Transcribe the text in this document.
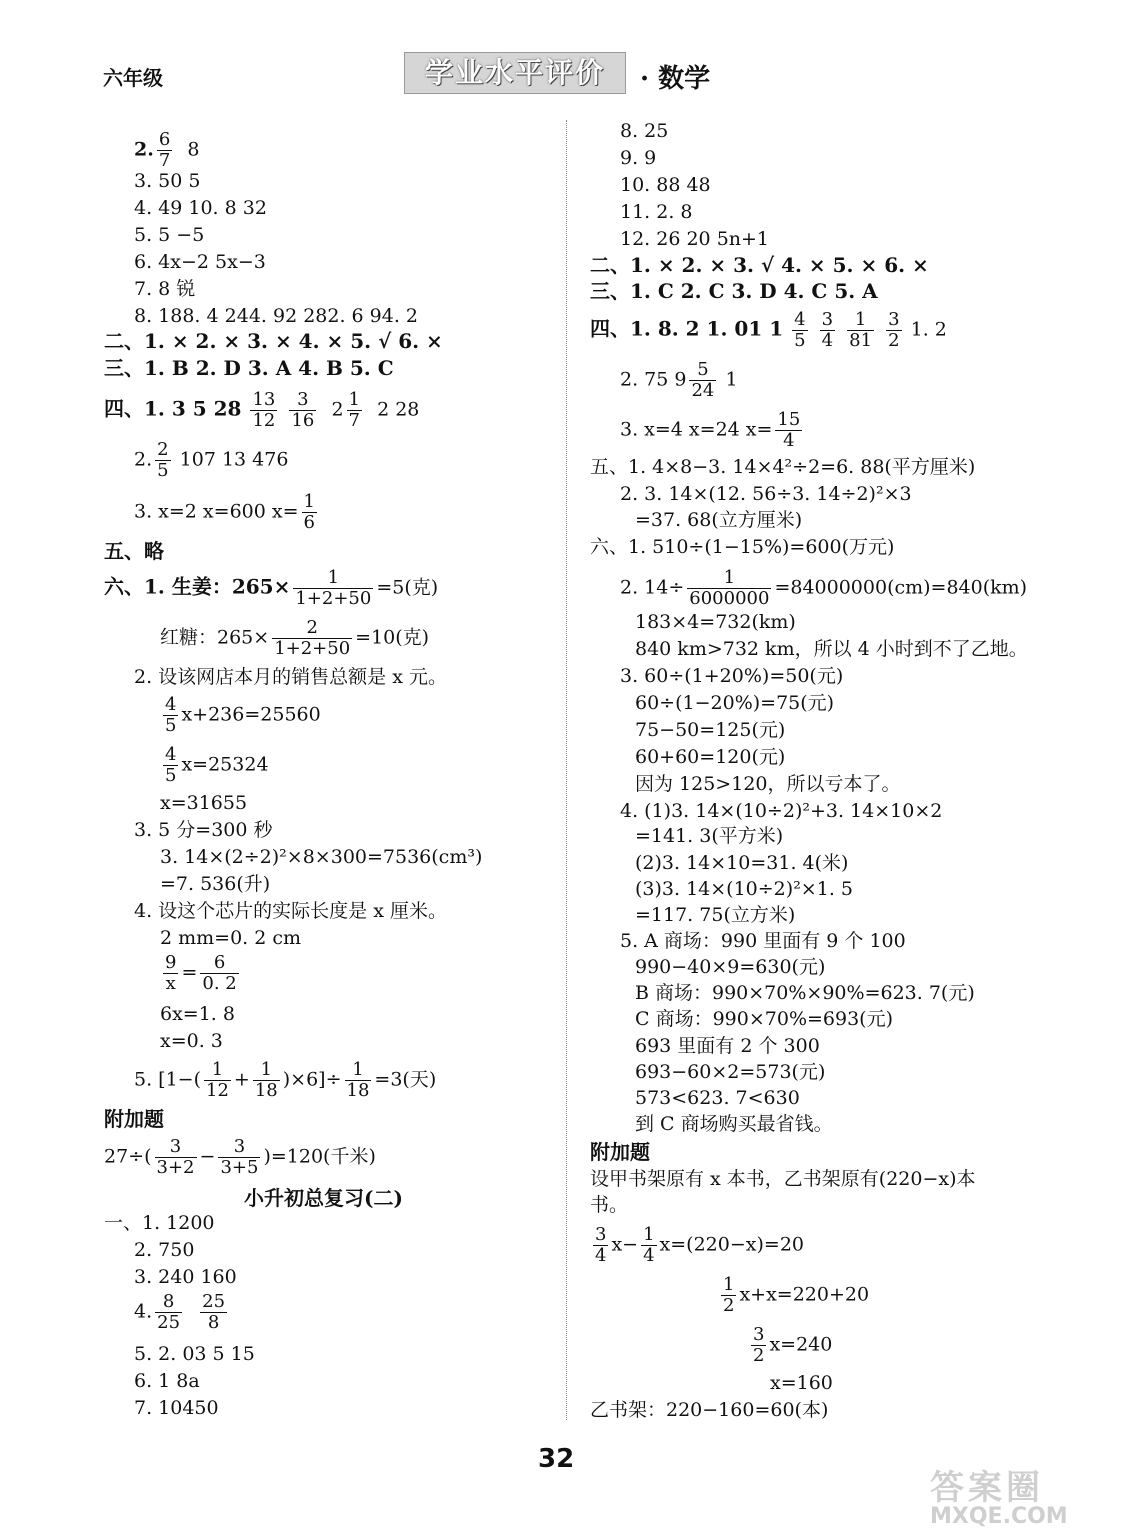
六年级	学业水平评价	· 数学
2. $\frac{6}{7} 8$
3. 50 5
4. 49 10. 8 32
5. 5 −5
6. 4x−2 5x−3
7. 8 锐
8. 188. 4 244. 92 282. 6 94. 2
二、1. × 2. × 3. × 4. × 5. √ 6. ×
三、1. B 2. D 3. A 4. B 5. C
四、1. 3 5 $28 \frac{13}{12}$
$\frac{3}{16} 2 \frac{1}{7} 2$ 28
2. $\frac{2}{5} 107$ 13 476
3. x=2 x=600 $x= \frac{1}{6}$
五、略
六、1. 生姜：$265\times \frac{1}{1+2+50} =5$(克)
红糖：$265\times \frac{2}{1+2+50} =10$(克)
2. 设该网店本月的销售总额是 x 元。
$\frac{4}{5} x+236=25560$
$\frac{4}{5} x=25324$
x=31655
3. 5 分=300 秒
3. 14×(2÷2)²×8×300=7536(cm³)
=7. 536(升)
4. 设这个芯片的实际长度是 x 厘米。
2 mm=0. 2 cm
$\frac{9}{x} = \frac{6}{0. 2}$
6x=1. 8
x=0. 3
5. $[1-( \frac{1}{12} + \frac{1}{18} )\times 6]\div \frac{1}{18} =3$(天)
附加题
$27\div( \frac{3}{3+2} - \frac{3}{3+5} )=120$(千米)
小升初总复习(二)
一、1. 1200
2. 750
3. 240 160
4. $\frac{8}{25}$
$\frac{25}{8}$
5. 2. 03 5 15
6. 1 8a
7. 10450
8. 25
9. 9
10. 88 48
11. 2. 8
12. 26 20 5n+1
二、1. × 2. × 3. √ 4. × 5. × 6. ×
三、1. C 2. C 3. D 4. C 5. A
四、1. 8. 2 1. 01 $1 \frac{4}{5}$
$\frac{3}{4}$
$\frac{1}{81}$
$\frac{3}{2} 1$. 2
2. 75 $9 \frac{5}{24} 1$
3. x=4 x=24 $x= \frac{15}{4}$
五、1. 4×8−3. 14×4²÷2=6. 88(平方厘米)
2. 3. 14×(12. 56÷3. 14÷2)²×3
=37. 68(立方厘米)
六、1. 510÷(1−15%)=600(万元)
2. $14\div \frac{1}{6000000} =84000000(cm)=840(km)$
183×4=732(km)
840 km>732 km，所以 4 小时到不了乙地。
3. 60÷(1+20%)=50(元)
60÷(1−20%)=75(元)
75−50=125(元)
60+60=120(元)
因为 125>120，所以亏本了。
4. (1)3. 14×(10÷2)²+3. 14×10×2
=141. 3(平方米)
(2)3. 14×10=31. 4(米)
(3)3. 14×(10÷2)²×1. 5
=117. 75(立方米)
5. A 商场：990 里面有 9 个 100
990−40×9=630(元)
B 商场：990×70%×90%=623. 7(元)
C 商场：990×70%=693(元)
693 里面有 2 个 300
693−60×2=573(元)
573<623. 7<630
到 C 商场购买最省钱。
附加题
设甲书架原有 x 本书，乙书架原有(220−x)本
书。
$\frac{3}{4} x- \frac{1}{4} x=(220-x)=20$
$\frac{1}{2} x+x=220+20$
$\frac{3}{2} x=240$
x=160
乙书架：220−160=60(本)
32
答案圈
MXQE.COM
